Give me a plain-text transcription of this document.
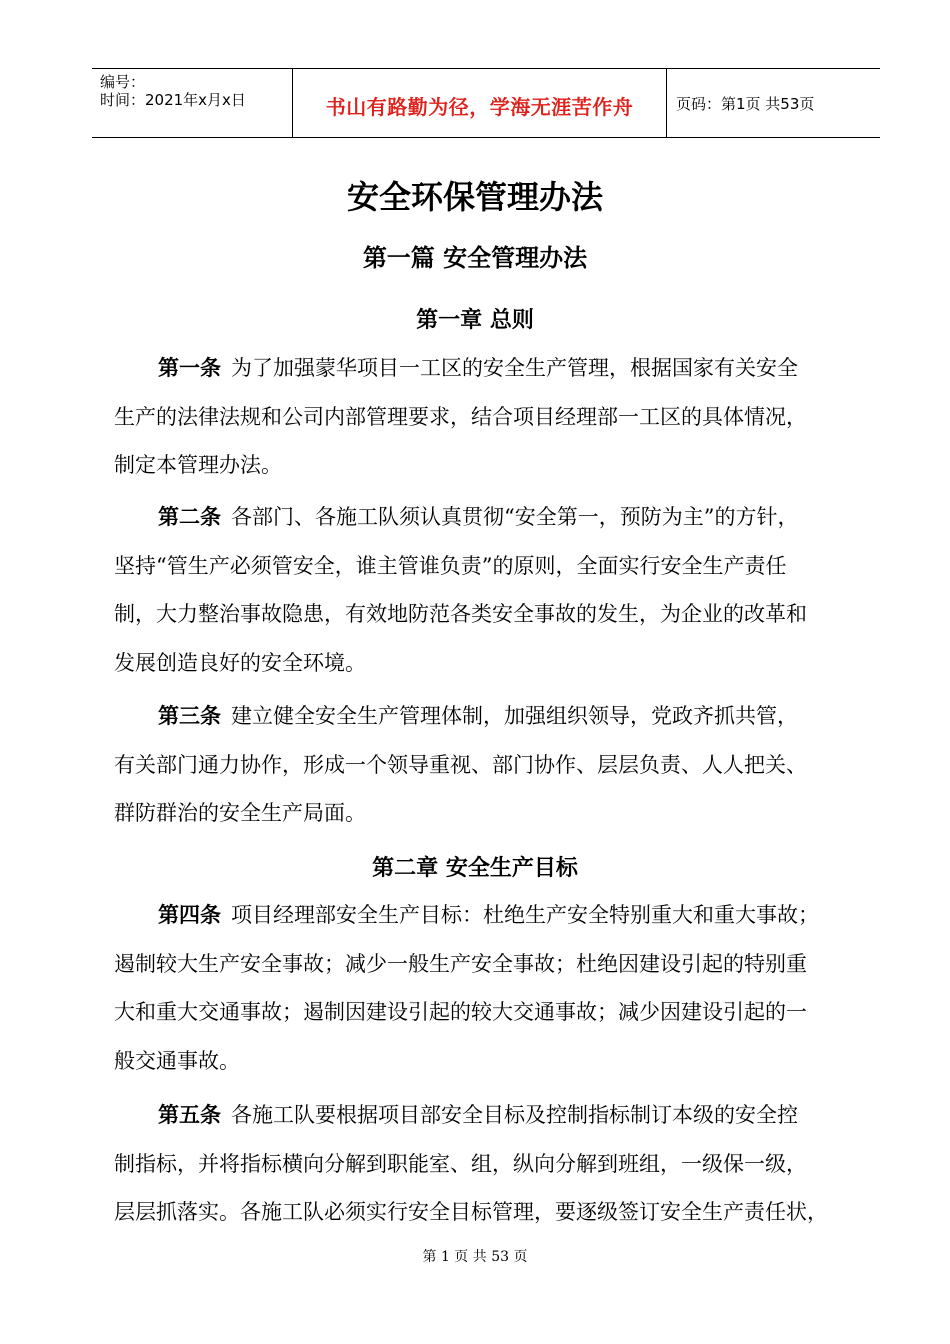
编号：
时间：2021年x月x日	书山有路勤为径，学海无涯苦作舟	页码：第1页 共53页
安全环保管理办法
第一篇 安全管理办法
第一章 总则
第一条 为了加强蒙华项目一工区的安全生产管理，根据国家有关安全
生产的法律法规和公司内部管理要求，结合项目经理部一工区的具体情况，
制定本管理办法。
第二条 各部门、各施工队须认真贯彻“安全第一，预防为主”的方针，
坚持“管生产必须管安全，谁主管谁负责”的原则，全面实行安全生产责任
制，大力整治事故隐患，有效地防范各类安全事故的发生，为企业的改革和
发展创造良好的安全环境。
第三条 建立健全安全生产管理体制，加强组织领导，党政齐抓共管，
有关部门通力协作，形成一个领导重视、部门协作、层层负责、人人把关、
群防群治的安全生产局面。
第二章 安全生产目标
第四条 项目经理部安全生产目标：杜绝生产安全特别重大和重大事故；
遏制较大生产安全事故；减少一般生产安全事故；杜绝因建设引起的特别重
大和重大交通事故；遏制因建设引起的较大交通事故；减少因建设引起的一
般交通事故。
第五条 各施工队要根据项目部安全目标及控制指标制订本级的安全控
制指标，并将指标横向分解到职能室、组，纵向分解到班组，一级保一级，
层层抓落实。各施工队必须实行安全目标管理，要逐级签订安全生产责任状，
第 1 页 共 53 页
